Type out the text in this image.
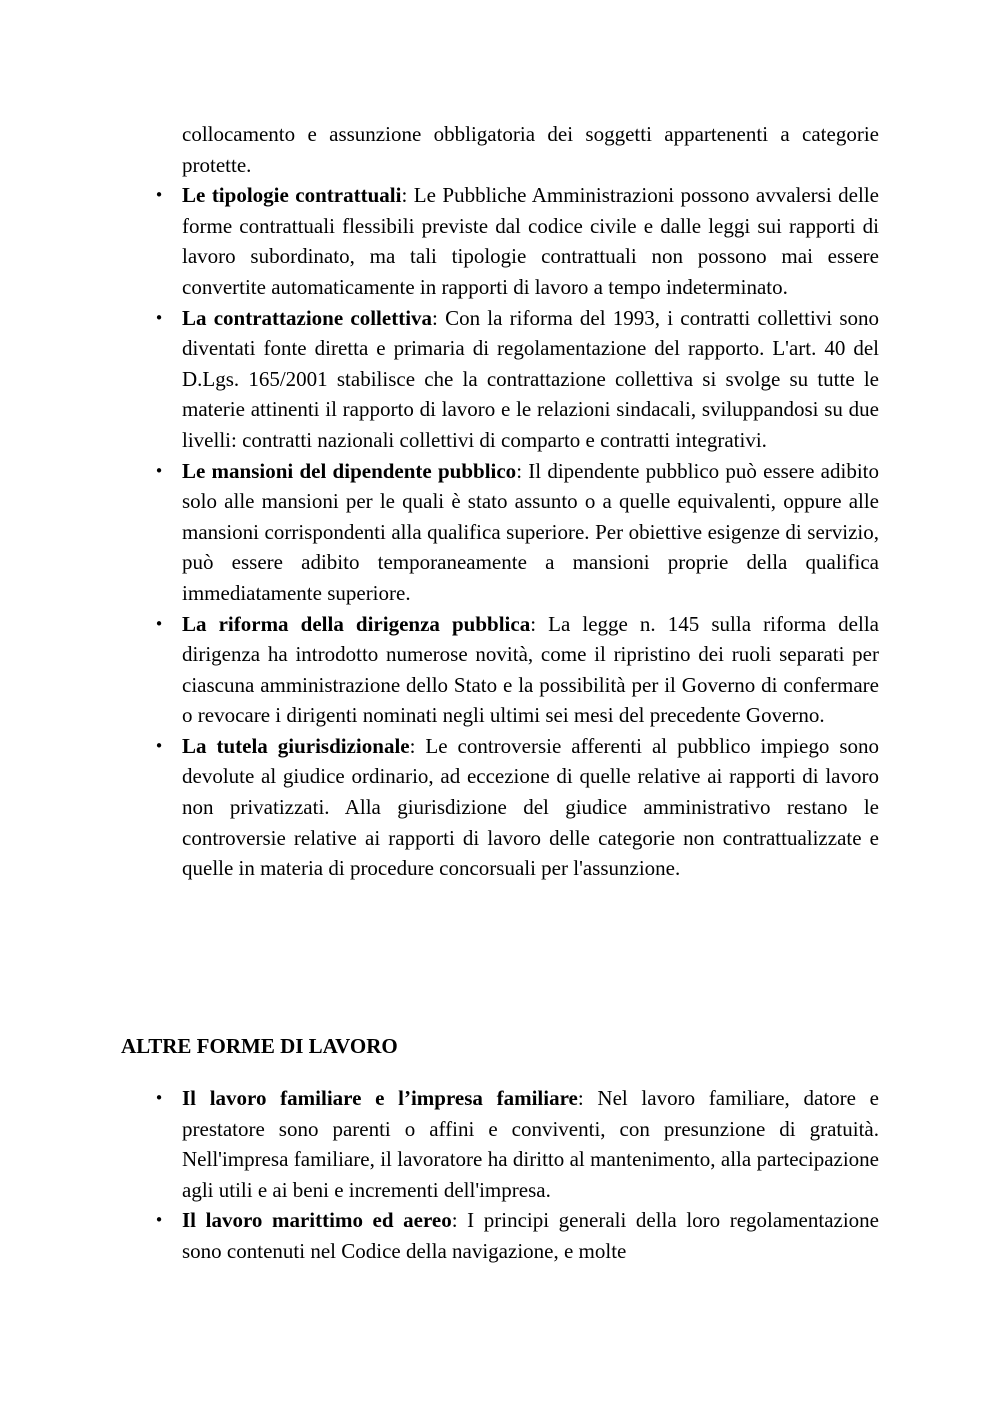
collocamento e assunzione obbligatoria dei soggetti appartenenti a categorie protette.

• Le tipologie contrattuali: Le Pubbliche Amministrazioni possono avvalersi delle forme contrattuali flessibili previste dal codice civile e dalle leggi sui rapporti di lavoro subordinato, ma tali tipologie contrattuali non possono mai essere convertite automaticamente in rapporti di lavoro a tempo indeterminato.

• La contrattazione collettiva: Con la riforma del 1993, i contratti collettivi sono diventati fonte diretta e primaria di regolamentazione del rapporto. L'art. 40 del D.Lgs. 165/2001 stabilisce che la contrattazione collettiva si svolge su tutte le materie attinenti il rapporto di lavoro e le relazioni sindacali, sviluppandosi su due livelli: contratti nazionali collettivi di comparto e contratti integrativi.

• Le mansioni del dipendente pubblico: Il dipendente pubblico può essere adibito solo alle mansioni per le quali è stato assunto o a quelle equivalenti, oppure alle mansioni corrispondenti alla qualifica superiore. Per obiettive esigenze di servizio, può essere adibito temporaneamente a mansioni proprie della qualifica immediatamente superiore.

• La riforma della dirigenza pubblica: La legge n. 145 sulla riforma della dirigenza ha introdotto numerose novità, come il ripristino dei ruoli separati per ciascuna amministrazione dello Stato e la possibilità per il Governo di confermare o revocare i dirigenti nominati negli ultimi sei mesi del precedente Governo.

• La tutela giurisdizionale: Le controversie afferenti al pubblico impiego sono devolute al giudice ordinario, ad eccezione di quelle relative ai rapporti di lavoro non privatizzati. Alla giurisdizione del giudice amministrativo restano le controversie relative ai rapporti di lavoro delle categorie non contrattualizzate e quelle in materia di procedure concorsuali per l'assunzione.

ALTRE FORME DI LAVORO

• Il lavoro familiare e l’impresa familiare: Nel lavoro familiare, datore e prestatore sono parenti o affini e conviventi, con presunzione di gratuità. Nell'impresa familiare, il lavoratore ha diritto al mantenimento, alla partecipazione agli utili e ai beni e incrementi dell'impresa.

• Il lavoro marittimo ed aereo: I principi generali della loro regolamentazione sono contenuti nel Codice della navigazione, e molte
